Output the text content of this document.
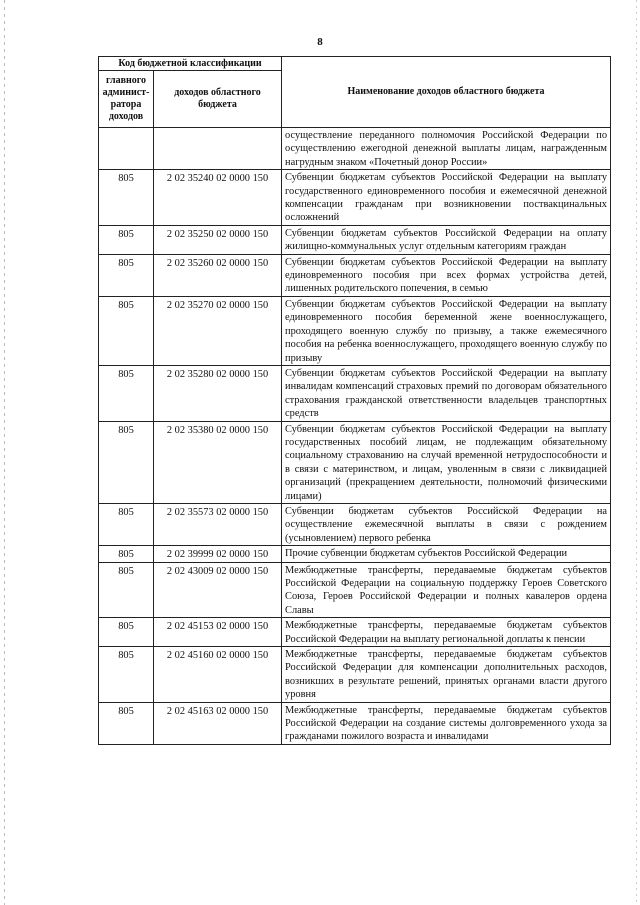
8
Код бюджетной классификации		Наименование доходов областного бюджета
главного админист-ратора доходов	доходов областного бюджета	
		осуществление переданного полномочия Российской Федерации по осуществлению ежегодной денежной выплаты лицам, награжденным нагрудным знаком «Почетный донор России»
805	2 02 35240 02 0000 150	Субвенции бюджетам субъектов Российской Федерации на выплату государственного единовременного пособия и ежемесячной денежной компенсации гражданам при возникновении поствакцинальных осложнений
805	2 02 35250 02 0000 150	Субвенции бюджетам субъектов Российской Федерации на оплату жилищно-коммунальных услуг отдельным категориям граждан
805	2 02 35260 02 0000 150	Субвенции бюджетам субъектов Российской Федерации на выплату единовременного пособия при всех формах устройства детей, лишенных родительского попечения, в семью
805	2 02 35270 02 0000 150	Субвенции бюджетам субъектов Российской Федерации на выплату единовременного пособия беременной жене военнослужащего, проходящего военную службу по призыву, а также ежемесячного пособия на ребенка военнослужащего, проходящего военную службу по призыву
805	2 02 35280 02 0000 150	Субвенции бюджетам субъектов Российской Федерации на выплату инвалидам компенсаций страховых премий по договорам обязательного страхования гражданской ответственности владельцев транспортных средств
805	2 02 35380 02 0000 150	Субвенции бюджетам субъектов Российской Федерации на выплату государственных пособий лицам, не подлежащим обязательному социальному страхованию на случай временной нетрудоспособности и в связи с материнством, и лицам, уволенным в связи с ликвидацией организаций (прекращением деятельности, полномочий физическими лицами)
805	2 02 35573 02 0000 150	Субвенции бюджетам субъектов Российской Федерации на осуществление ежемесячной выплаты в связи с рождением (усыновлением) первого ребенка
805	2 02 39999 02 0000 150	Прочие субвенции бюджетам субъектов Российской Федерации
805	2 02 43009 02 0000 150	Межбюджетные трансферты, передаваемые бюджетам субъектов Российской Федерации на социальную поддержку Героев Советского Союза, Героев Российской Федерации и полных кавалеров ордена Славы
805	2 02 45153 02 0000 150	Межбюджетные трансферты, передаваемые бюджетам субъектов Российской Федерации на выплату региональной доплаты к пенсии
805	2 02 45160 02 0000 150	Межбюджетные трансферты, передаваемые бюджетам субъектов Российской Федерации для компенсации дополнительных расходов, возникших в результате решений, принятых органами власти другого уровня
805	2 02 45163 02 0000 150	Межбюджетные трансферты, передаваемые бюджетам субъектов Российской Федерации на создание системы долговременного ухода за гражданами пожилого возраста и инвалидами
